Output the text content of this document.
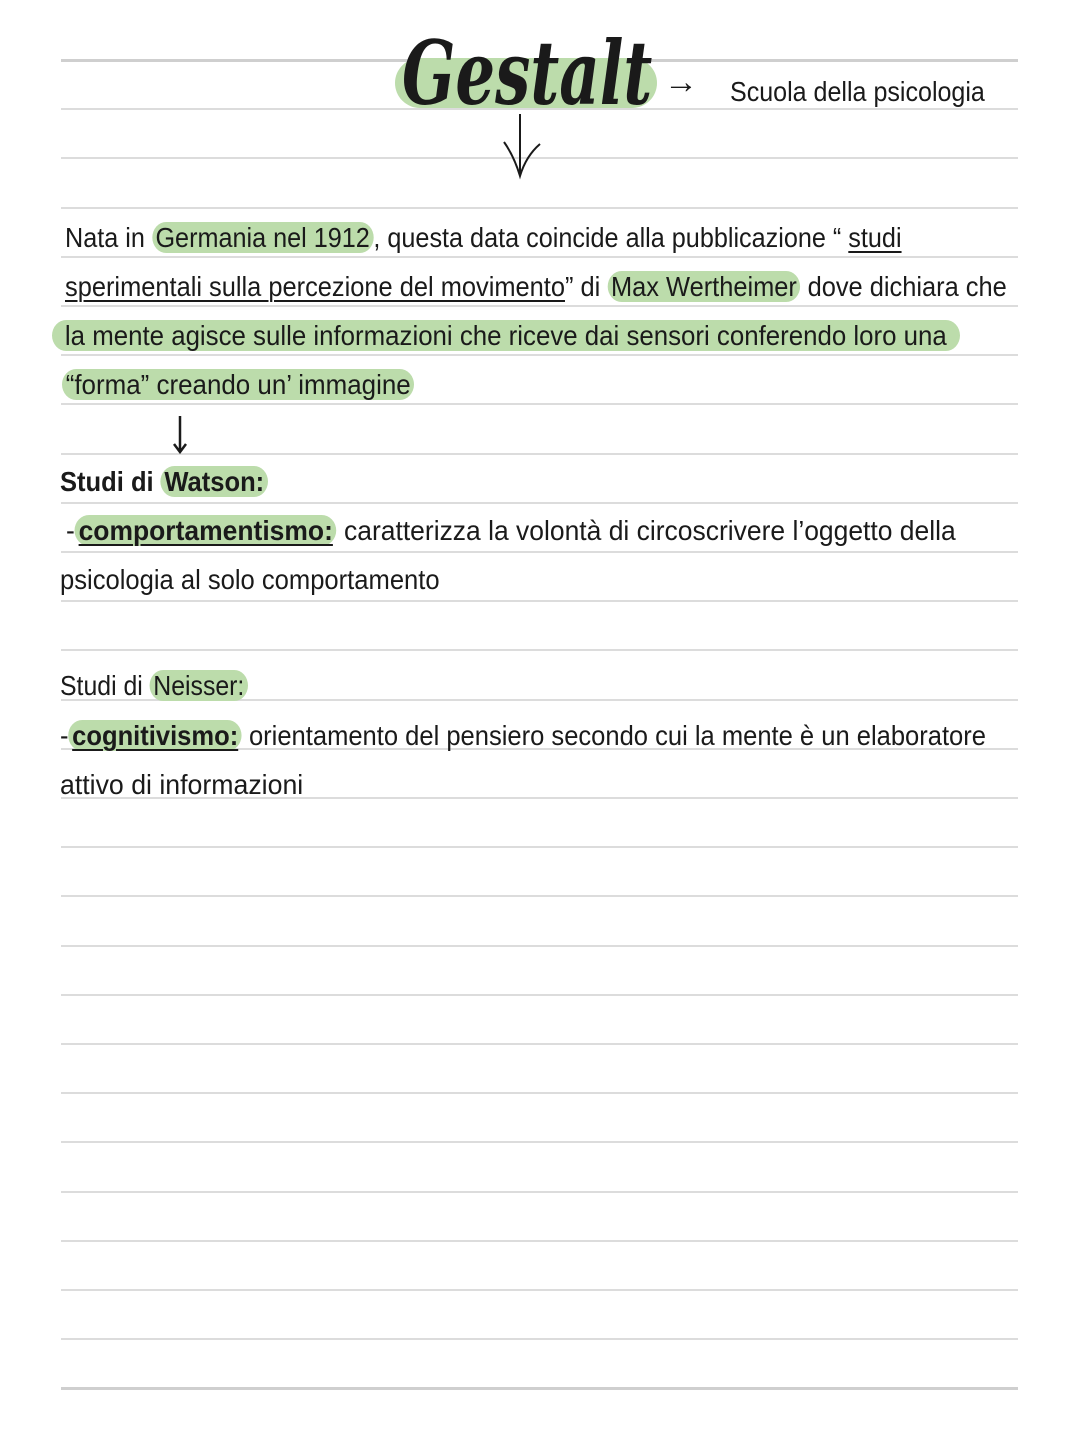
Gestalt → Scuola della psicologia
Nata in Germania nel 1912 , questa data coincide alla pubblicazione “ studi
sperimentali sulla percezione del movimento” di Max Wertheimer dove dichiara che
la mente agisce sulle informazioni che riceve dai sensori conferendo loro una
“forma” creando un’ immagine
Studi di Watson:
- comportamentismo: caratterizza la volontà di circoscrivere l’oggetto della
psicologia al solo comportamento
Studi di Neisser:
- cognitivismo: orientamento del pensiero secondo cui la mente è un elaboratore
attivo di informazioni
